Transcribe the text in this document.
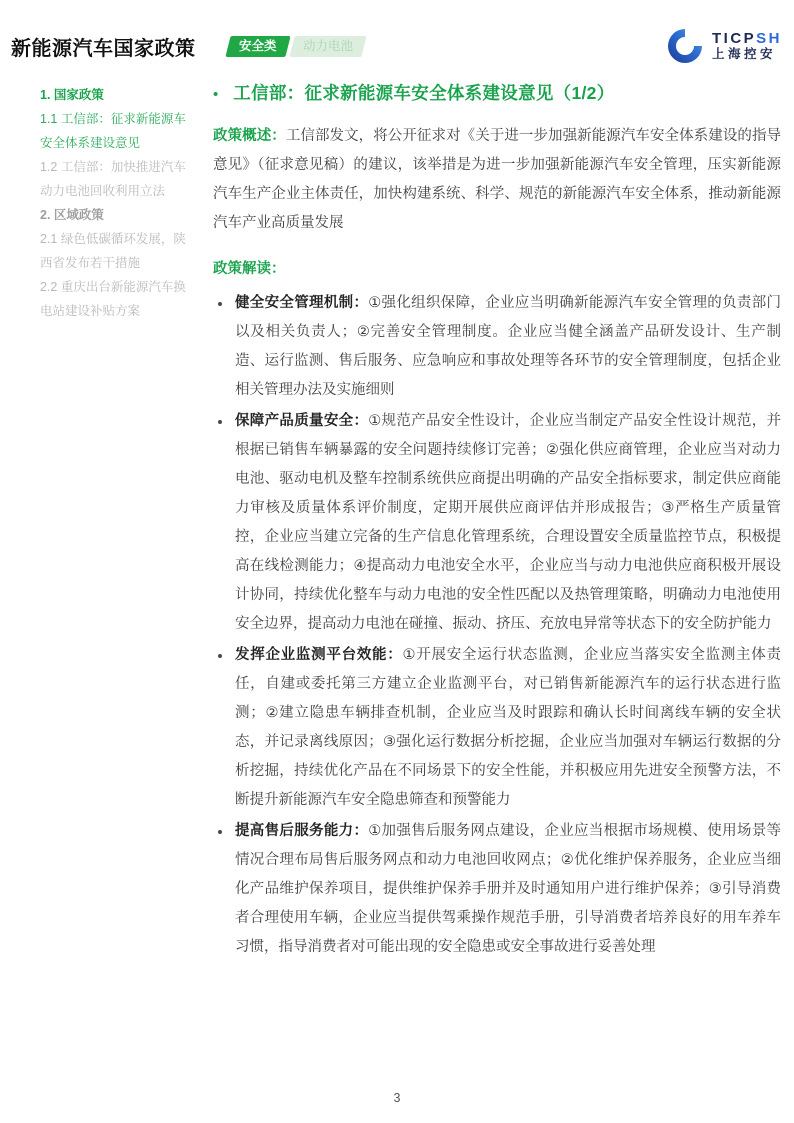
新能源汽车国家政策	安全类	动力电池	TICPSH
上海控安
1. 国家政策
1.1 工信部：征求新能源车安全体系建设意见
1.2 工信部：加快推进汽车动力电池回收利用立法
2. 区域政策
2.1 绿色低碳循环发展，陕西省发布若干措施
2.2 重庆出台新能源汽车换电站建设补贴方案
• 工信部：征求新能源车安全体系建设意见（1/2）

政策概述：工信部发文，将公开征求对《关于进一步加强新能源汽车安全体系建设的指导意见》（征求意见稿）的建议，该举措是为进一步加强新能源汽车安全管理，压实新能源汽车生产企业主体责任，加快构建系统、科学、规范的新能源汽车安全体系，推动新能源汽车产业高质量发展

政策解读：

健全安全管理机制：①强化组织保障，企业应当明确新能源汽车安全管理的负责部门以及相关负责人；②完善安全管理制度。企业应当健全涵盖产品研发设计、生产制造、运行监测、售后服务、应急响应和事故处理等各环节的安全管理制度，包括企业相关管理办法及实施细则
保障产品质量安全：①规范产品安全性设计，企业应当制定产品安全性设计规范，并根据已销售车辆暴露的安全问题持续修订完善；②强化供应商管理，企业应当对动力电池、驱动电机及整车控制系统供应商提出明确的产品安全指标要求，制定供应商能力审核及质量体系评价制度，定期开展供应商评估并形成报告；③严格生产质量管控，企业应当建立完备的生产信息化管理系统，合理设置安全质量监控节点，积极提高在线检测能力；④提高动力电池安全水平，企业应当与动力电池供应商积极开展设计协同，持续优化整车与动力电池的安全性匹配以及热管理策略，明确动力电池使用安全边界，提高动力电池在碰撞、振动、挤压、充放电异常等状态下的安全防护能力
发挥企业监测平台效能：①开展安全运行状态监测，企业应当落实安全监测主体责任，自建或委托第三方建立企业监测平台，对已销售新能源汽车的运行状态进行监测；②建立隐患车辆排查机制，企业应当及时跟踪和确认长时间离线车辆的安全状态，并记录离线原因；③强化运行数据分析挖掘，企业应当加强对车辆运行数据的分析挖掘，持续优化产品在不同场景下的安全性能，并积极应用先进安全预警方法，不断提升新能源汽车安全隐患筛查和预警能力
提高售后服务能力：①加强售后服务网点建设，企业应当根据市场规模、使用场景等情况合理布局售后服务网点和动力电池回收网点；②优化维护保养服务，企业应当细化产品维护保养项目，提供维护保养手册并及时通知用户进行维护保养；③引导消费者合理使用车辆，企业应当提供驾乘操作规范手册，引导消费者培养良好的用车养车习惯，指导消费者对可能出现的安全隐患或安全事故进行妥善处理
3
